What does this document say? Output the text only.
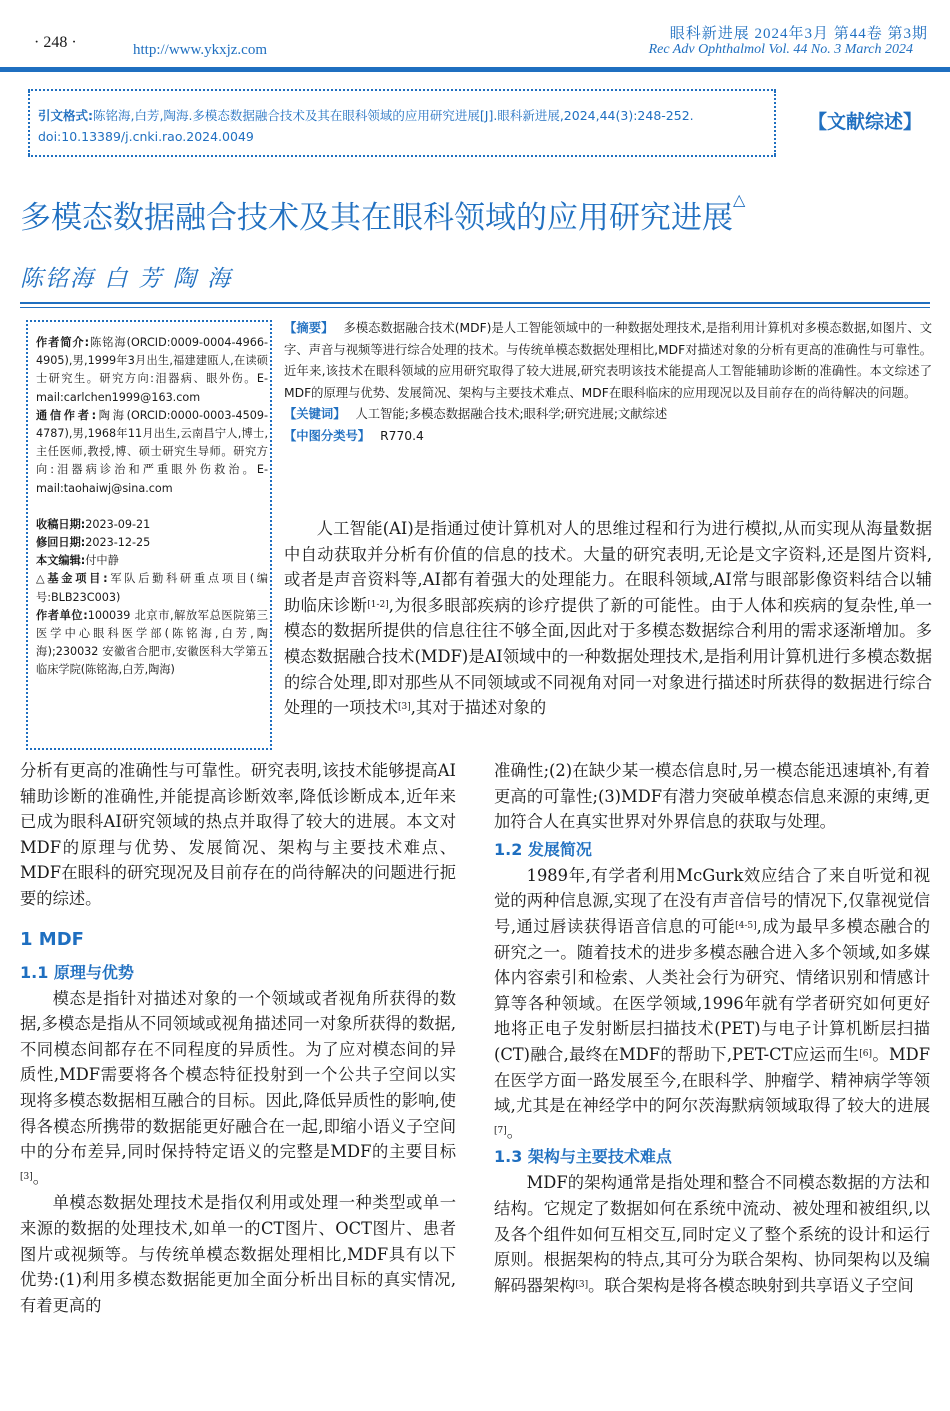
· 248 ·	http://www.ykxjz.com
眼科新进展 2024年3月 第44卷 第3期
Rec Adv Ophthalmol Vol. 44 No. 3 March 2024
引文格式:陈铭海,白芳,陶海.多模态数据融合技术及其在眼科领域的应用研究进展[J].眼科新进展,2024,44(3):248-252. doi:10.13389/j.cnki.rao.2024.0049
【文献综述】
多模态数据融合技术及其在眼科领域的应用研究进展△
陈铭海 白 芳 陶 海
作者简介:陈铭海(ORCID:0009-0004-4966-4905),男,1999年3月出生,福建建瓯人,在读硕士研究生。研究方向:泪器病、眼外伤。E-mail:carlchen1999@163.com
通信作者:陶海(ORCID:0000-0003-4509-4787),男,1968年11月出生,云南昌宁人,博士,主任医师,教授,博、硕士研究生导师。研究方向:泪器病诊治和严重眼外伤救治。E-mail:taohaiwj@sina.com
收稿日期:2023-09-21
修回日期:2023-12-25
本文编辑:付中静
△基金项目:军队后勤科研重点项目(编号:BLB23C003)
作者单位:100039 北京市,解放军总医院第三医学中心眼科医学部(陈铭海,白芳,陶海);230032 安徽省合肥市,安徽医科大学第五临床学院(陈铭海,白芳,陶海)
【摘要】 多模态数据融合技术(MDF)是人工智能领域中的一种数据处理技术,是指利用计算机对多模态数据,如图片、文字、声音与视频等进行综合处理的技术。与传统单模态数据处理相比,MDF对描述对象的分析有更高的准确性与可靠性。近年来,该技术在眼科领域的应用研究取得了较大进展,研究表明该技术能提高人工智能辅助诊断的准确性。本文综述了MDF的原理与优势、发展简况、架构与主要技术难点、MDF在眼科临床的应用现况以及目前存在的尚待解决的问题。
【关键词】 人工智能;多模态数据融合技术;眼科学;研究进展;文献综述
【中图分类号】 R770.4
人工智能(AI)是指通过使计算机对人的思维过程和行为进行模拟,从而实现从海量数据中自动获取并分析有价值的信息的技术。大量的研究表明,无论是文字资料,还是图片资料,或者是声音资料等,AI都有着强大的处理能力。在眼科领域,AI常与眼部影像资料结合以辅助临床诊断[1-2],为很多眼部疾病的诊疗提供了新的可能性。由于人体和疾病的复杂性,单一模态的数据所提供的信息往往不够全面,因此对于多模态数据综合利用的需求逐渐增加。多模态数据融合技术(MDF)是AI领域中的一种数据处理技术,是指利用计算机进行多模态数据的综合处理,即对那些从不同领域或不同视角对同一对象进行描述时所获得的数据进行综合处理的一项技术[3],其对于描述对象的
分析有更高的准确性与可靠性。研究表明,该技术能够提高AI辅助诊断的准确性,并能提高诊断效率,降低诊断成本,近年来已成为眼科AI研究领域的热点并取得了较大的进展。本文对MDF的原理与优势、发展简况、架构与主要技术难点、MDF在眼科的研究现况及目前存在的尚待解决的问题进行扼要的综述。
1 MDF
1.1 原理与优势
模态是指针对描述对象的一个领域或者视角所获得的数据,多模态是指从不同领域或视角描述同一对象所获得的数据,不同模态间都存在不同程度的异质性。为了应对模态间的异质性,MDF需要将各个模态特征投射到一个公共子空间以实现将多模态数据相互融合的目标。因此,降低异质性的影响,使得各模态所携带的数据能更好融合在一起,即缩小语义子空间中的分布差异,同时保持特定语义的完整是MDF的主要目标[3]。
单模态数据处理技术是指仅利用或处理一种类型或单一来源的数据的处理技术,如单一的CT图片、OCT图片、患者图片或视频等。与传统单模态数据处理相比,MDF具有以下优势:(1)利用多模态数据能更加全面分析出目标的真实情况,有着更高的
准确性;(2)在缺少某一模态信息时,另一模态能迅速填补,有着更高的可靠性;(3)MDF有潜力突破单模态信息来源的束缚,更加符合人在真实世界对外界信息的获取与处理。
1.2 发展简况
1989年,有学者利用McGurk效应结合了来自听觉和视觉的两种信息源,实现了在没有声音信号的情况下,仅靠视觉信号,通过唇读获得语音信息的可能[4-5],成为最早多模态融合的研究之一。随着技术的进步多模态融合进入多个领域,如多媒体内容索引和检索、人类社会行为研究、情绪识别和情感计算等各种领域。在医学领域,1996年就有学者研究如何更好地将正电子发射断层扫描技术(PET)与电子计算机断层扫描(CT)融合,最终在MDF的帮助下,PET-CT应运而生[6]。MDF在医学方面一路发展至今,在眼科学、肿瘤学、精神病学等领域,尤其是在神经学中的阿尔茨海默病领域取得了较大的进展[7]。
1.3 架构与主要技术难点
MDF的架构通常是指处理和整合不同模态数据的方法和结构。它规定了数据如何在系统中流动、被处理和被组织,以及各个组件如何互相交互,同时定义了整个系统的设计和运行原则。根据架构的特点,其可分为联合架构、协同架构以及编解码器架构[3]。联合架构是将各模态映射到共享语义子空间
